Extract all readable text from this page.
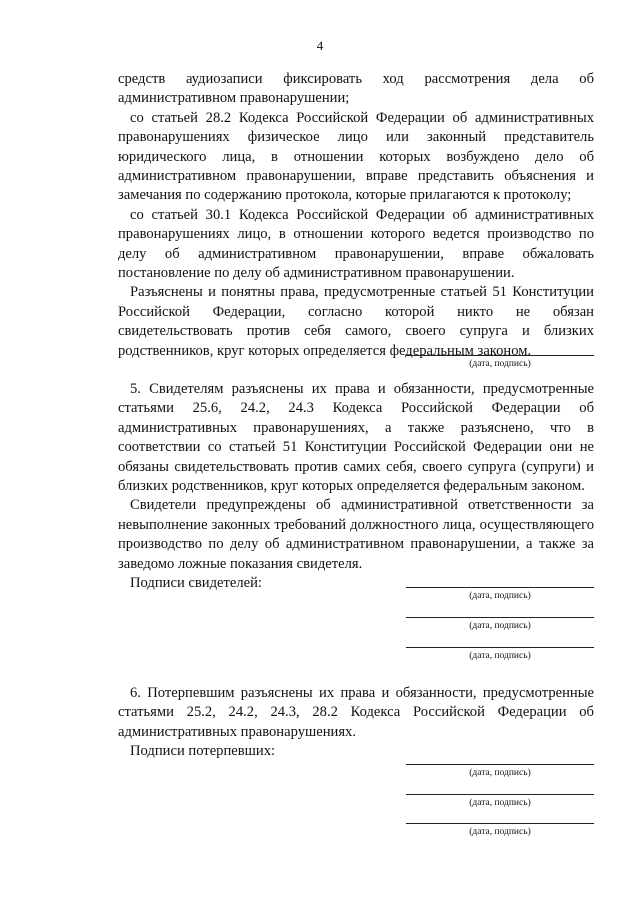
4

средств аудиозаписи фиксировать ход рассмотрения дела об административном правонарушении;

со статьей 28.2 Кодекса Российской Федерации об административных правонарушениях физическое лицо или законный представитель юридического лица, в отношении которых возбуждено дело об административном правонарушении, вправе представить объяснения и замечания по содержанию протокола, которые прилагаются к протоколу;

со статьей 30.1 Кодекса Российской Федерации об административных правонарушениях лицо, в отношении которого ведется производство по делу об административном правонарушении, вправе обжаловать постановление по делу об административном правонарушении.

Разъяснены и понятны права, предусмотренные статьей 51 Конституции Российской Федерации, согласно которой никто не обязан свидетельствовать против себя самого, своего супруга и близких родственников, круг которых определяется федеральным законом.

(дата, подпись)

5. Свидетелям разъяснены их права и обязанности, предусмотренные статьями 25.6, 24.2, 24.3 Кодекса Российской Федерации об административных правонарушениях, а также разъяснено, что в соответствии со статьей 51 Конституции Российской Федерации они не обязаны свидетельствовать против самих себя, своего супруга (супруги) и близких родственников, круг которых определяется федеральным законом.

Свидетели предупреждены об административной ответственности за невыполнение законных требований должностного лица, осуществляющего производство по делу об административном правонарушении, а также за заведомо ложные показания свидетеля.

Подписи свидетелей:

(дата, подпись)
(дата, подпись)
(дата, подпись)

6. Потерпевшим разъяснены их права и обязанности, предусмотренные статьями 25.2, 24.2, 24.3, 28.2 Кодекса Российской Федерации об административных правонарушениях.

Подписи потерпевших:

(дата, подпись)
(дата, подпись)
(дата, подпись)
